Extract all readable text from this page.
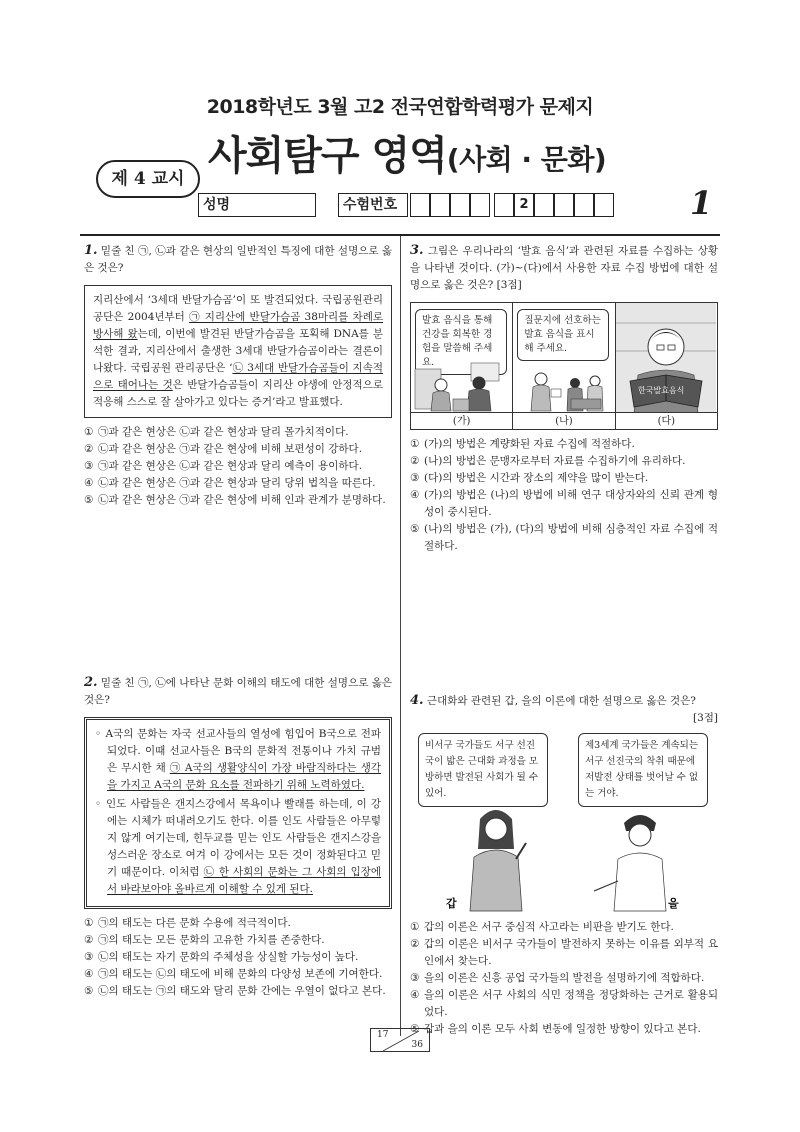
2018학년도 3월 고2 전국연합학력평가 문제지
사회탐구 영역(사회 · 문화)
제 4 교시
성명	수험번호	2	1
1. 밑줄 친 ㉠, ㉡과 같은 현상의 일반적인 특징에 대한 설명으로 옳은 것은?
지리산에서 ‘3세대 반달가슴곰’이 또 발견되었다. 국립공원관리공단은 2004년부터 ㉠ 지리산에 반달가슴곰 38마리를 차례로 방사해 왔는데, 이번에 발견된 반달가슴곰을 포획해 DNA를 분석한 결과, 지리산에서 출생한 3세대 반달가슴곰이라는 결론이 나왔다. 국립공원 관리공단은 ‘㉡ 3세대 반달가슴곰들이 지속적으로 태어나는 것은 반달가슴곰들이 지리산 야생에 안정적으로 적응해 스스로 잘 살아가고 있다는 증거’라고 발표했다.
① ㉠과 같은 현상은 ㉡과 같은 현상과 달리 몰가치적이다.
② ㉡과 같은 현상은 ㉠과 같은 현상에 비해 보편성이 강하다.
③ ㉠과 같은 현상은 ㉡과 같은 현상과 달리 예측이 용이하다.
④ ㉡과 같은 현상은 ㉠과 같은 현상과 달리 당위 법칙을 따른다.
⑤ ㉡과 같은 현상은 ㉠과 같은 현상에 비해 인과 관계가 분명하다.
2. 밑줄 친 ㉠, ㉡에 나타난 문화 이해의 태도에 대한 설명으로 옳은 것은?
◦ A국의 문화는 자국 선교사들의 열성에 힘입어 B국으로 전파되었다. 이때 선교사들은 B국의 문화적 전통이나 가치 규범은 무시한 채 ㉠ A국의 생활양식이 가장 바람직하다는 생각을 가지고 A국의 문화 요소를 전파하기 위해 노력하였다.
◦ 인도 사람들은 갠지스강에서 목욕이나 빨래를 하는데, 이 강에는 시체가 떠내려오기도 한다. 이를 인도 사람들은 아무렇지 않게 여기는데, 힌두교를 믿는 인도 사람들은 갠지스강을 성스러운 장소로 여겨 이 강에서는 모든 것이 정화된다고 믿기 때문이다. 이처럼 ㉡ 한 사회의 문화는 그 사회의 입장에서 바라보아야 올바르게 이해할 수 있게 된다.
① ㉠의 태도는 다른 문화 수용에 적극적이다.
② ㉠의 태도는 모든 문화의 고유한 가치를 존중한다.
③ ㉡의 태도는 자기 문화의 주체성을 상실할 가능성이 높다.
④ ㉠의 태도는 ㉡의 태도에 비해 문화의 다양성 보존에 기여한다.
⑤ ㉡의 태도는 ㉠의 태도와 달리 문화 간에는 우열이 없다고 본다.
3. 그림은 우리나라의 ‘발효 음식’과 관련된 자료를 수집하는 상황을 나타낸 것이다. (가)~(다)에서 사용한 자료 수집 방법에 대한 설명으로 옳은 것은? [3점]
발효 음식을 통해 건강을 회복한 경험을 말씀해 주세요.
(가)
질문지에 선호하는 발효 음식을 표시해 주세요.
(나)
한국발효음식
(다)
① (가)의 방법은 계량화된 자료 수집에 적절하다.
② (나)의 방법은 문맹자로부터 자료를 수집하기에 유리하다.
③ (다)의 방법은 시간과 장소의 제약을 많이 받는다.
④ (가)의 방법은 (나)의 방법에 비해 연구 대상자와의 신뢰 관계 형성이 중시된다.
⑤ (나)의 방법은 (가), (다)의 방법에 비해 심층적인 자료 수집에 적절하다.
4. 근대화와 관련된 갑, 을의 이론에 대한 설명으로 옳은 것은?
[3점]
비서구 국가들도 서구 선진국이 밟은 근대화 과정을 모방하면 발전된 사회가 될 수 있어.
제3세계 국가들은 계속되는 서구 선진국의 착취 때문에 저발전 상태를 벗어날 수 없는 거야.
갑	을
① 갑의 이론은 서구 중심적 사고라는 비판을 받기도 한다.
② 갑의 이론은 비서구 국가들이 발전하지 못하는 이유를 외부적 요인에서 찾는다.
③ 을의 이론은 신흥 공업 국가들의 발전을 설명하기에 적합하다.
④ 을의 이론은 서구 사회의 식민 정책을 정당화하는 근거로 활용되었다.
⑤ 갑과 을의 이론 모두 사회 변동에 일정한 방향이 있다고 본다.
17
36
